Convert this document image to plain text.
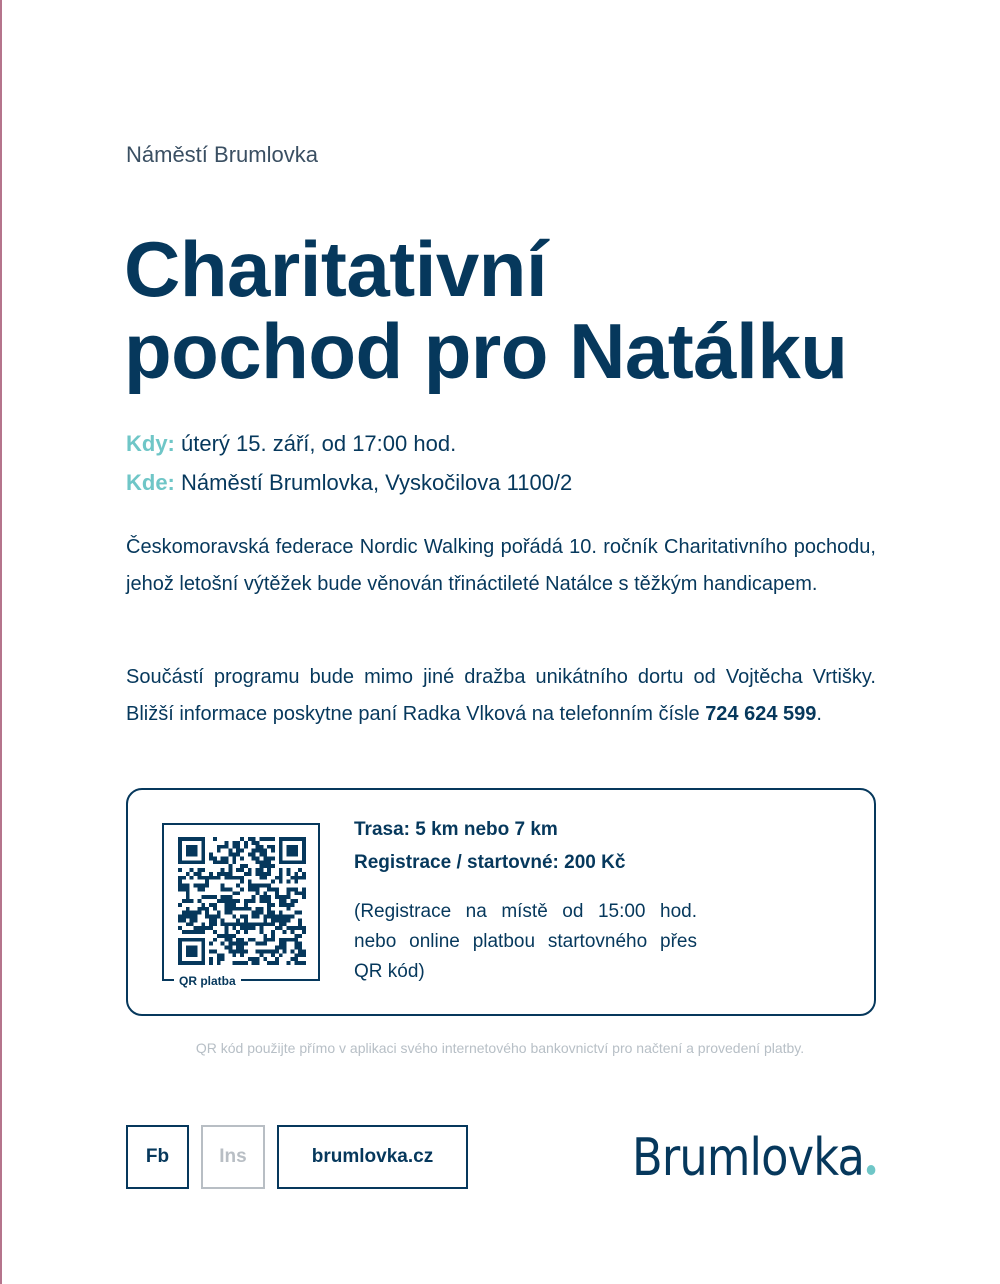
Náměstí Brumlovka
Charitativní
pochod pro Natálku
Kdy: úterý 15. září, od 17:00 hod.
Kde: Náměstí Brumlovka, Vyskočilova 1100/2

Českomoravská federace Nordic Walking pořádá 10. ročník Charitativního pochodu, jehož letošní výtěžek bude věnován třináctileté Natálce s těžkým handicapem.

Součástí programu bude mimo jiné dražba unikátního dortu od Vojtěcha Vrtišky. Bližší informace poskytne paní Radka Vlková na telefonním čísle 724 624 599.

QR platba
Trasa: 5 km nebo 7 km
Registrace / startovné: 200 Kč
(Registrace na místě od 15:00 hod. nebo online platbou startovného přes QR kód)
QR kód použijte přímo v aplikaci svého internetového bankovnictví pro načtení a provedení platby.
Fb	Ins	brumlovka.cz	Brumlovka
